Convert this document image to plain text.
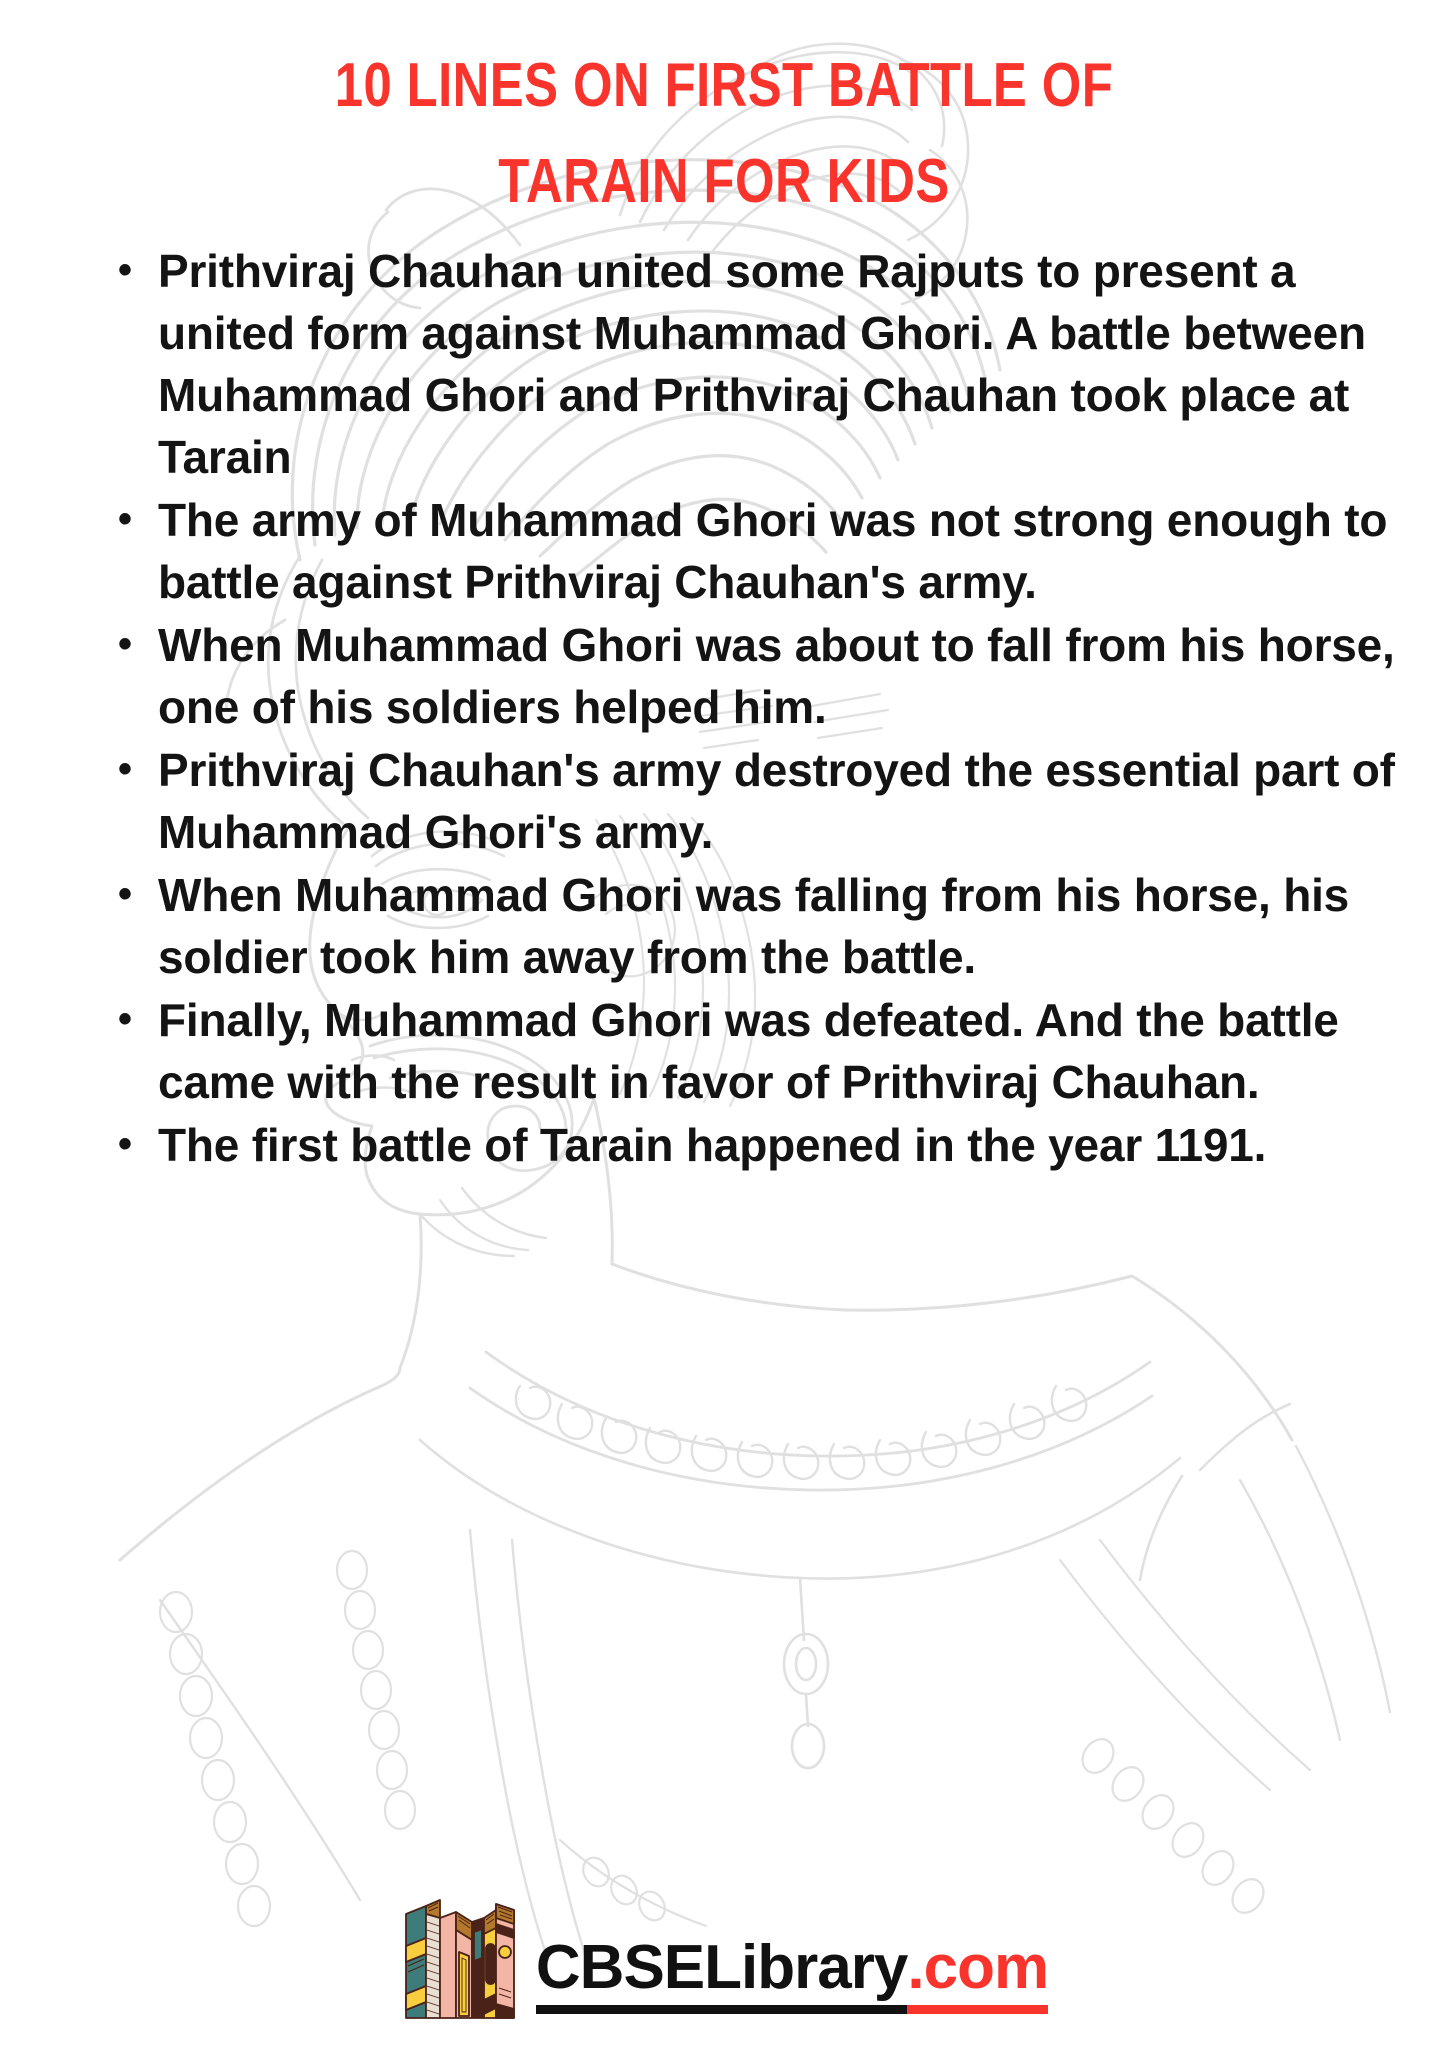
10 LINES ON FIRST BATTLE OF TARAIN FOR KIDS
• Prithviraj Chauhan united some Rajputs to present a united form against Muhammad Ghori. A battle between Muhammad Ghori and Prithviraj Chauhan took place at Tarain
• The army of Muhammad Ghori was not strong enough to battle against Prithviraj Chauhan's army.
• When Muhammad Ghori was about to fall from his horse, one of his soldiers helped him.
• Prithviraj Chauhan's army destroyed the essential part of Muhammad Ghori's army.
• When Muhammad Ghori was falling from his horse, his soldier took him away from the battle.
• Finally, Muhammad Ghori was defeated. And the battle came with the result in favor of Prithviraj Chauhan.
• The first battle of Tarain happened in the year 1191.
CBSELibrary .com
